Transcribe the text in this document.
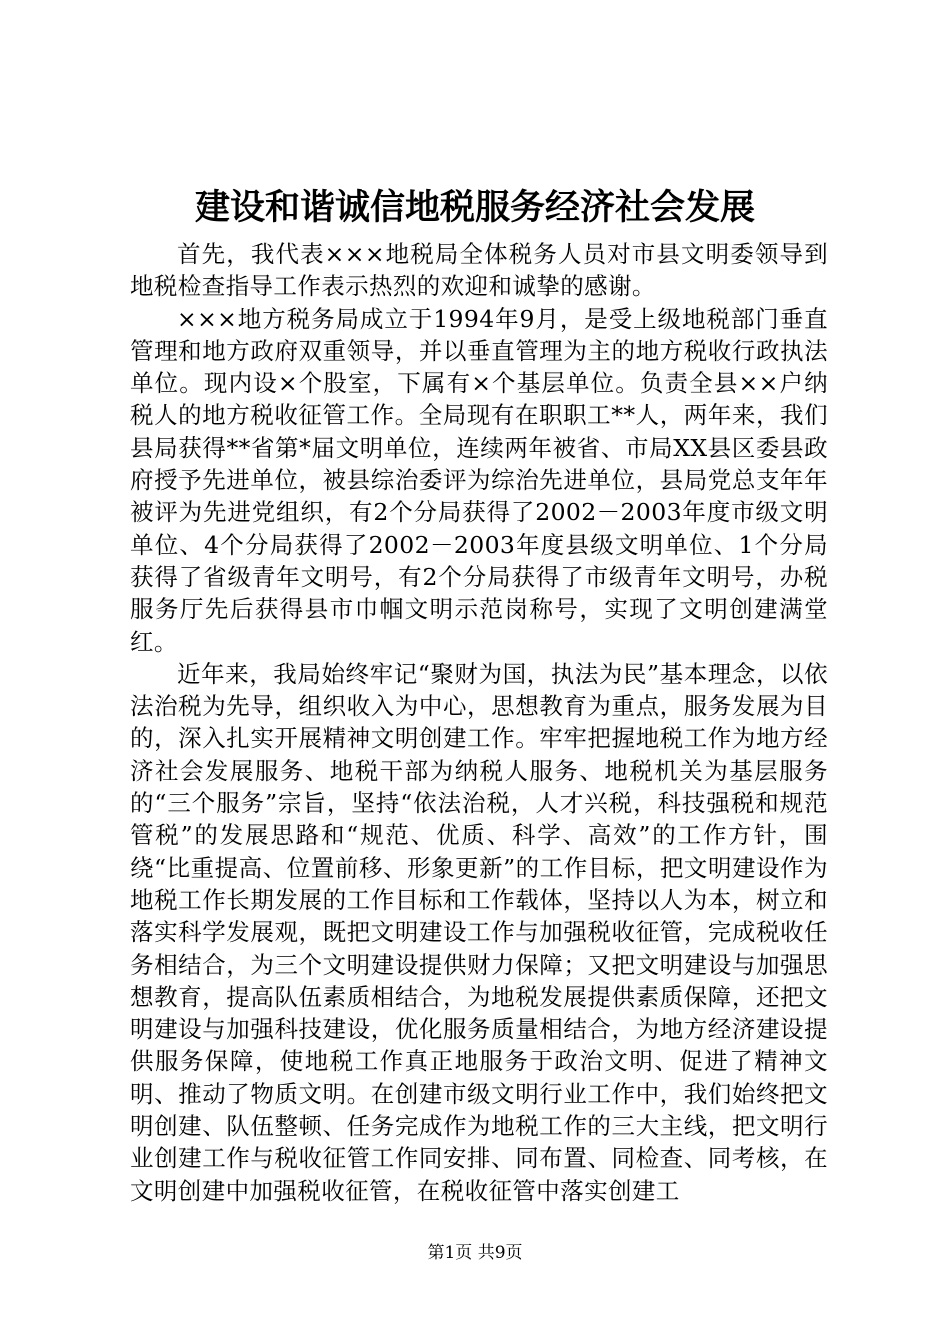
建设和谐诚信地税服务经济社会发展

首先，我代表×××地税局全体税务人员对市县文明委领导到地税检查指导工作表示热烈的欢迎和诚挚的感谢。

×××地方税务局成立于1994年9月，是受上级地税部门垂直管理和地方政府双重领导，并以垂直管理为主的地方税收行政执法单位。现内设×个股室，下属有×个基层单位。负责全县××户纳税人的地方税收征管工作。全局现有在职职工**人，两年来，我们县局获得**省第*届文明单位，连续两年被省、市局XX县区委县政府授予先进单位，被县综治委评为综治先进单位，县局党总支年年被评为先进党组织，有2个分局获得了2002－2003年度市级文明单位、4个分局获得了2002－2003年度县级文明单位、1个分局获得了省级青年文明号，有2个分局获得了市级青年文明号，办税服务厅先后获得县市巾帼文明示范岗称号，实现了文明创建满堂红。

近年来，我局始终牢记“聚财为国，执法为民”基本理念，以依法治税为先导，组织收入为中心，思想教育为重点，服务发展为目的，深入扎实开展精神文明创建工作。牢牢把握地税工作为地方经济社会发展服务、地税干部为纳税人服务、地税机关为基层服务的“三个服务”宗旨，坚持“依法治税，人才兴税，科技强税和规范管税”的发展思路和“规范、优质、科学、高效”的工作方针，围绕“比重提高、位置前移、形象更新”的工作目标，把文明建设作为地税工作长期发展的工作目标和工作载体，坚持以人为本，树立和落实科学发展观，既把文明建设工作与加强税收征管，完成税收任务相结合，为三个文明建设提供财力保障；又把文明建设与加强思想教育，提高队伍素质相结合，为地税发展提供素质保障，还把文明建设与加强科技建设，优化服务质量相结合，为地方经济建设提供服务保障，使地税工作真正地服务于政治文明、促进了精神文明、推动了物质文明。在创建市级文明行业工作中，我们始终把文明创建、队伍整顿、任务完成作为地税工作的三大主线，把文明行业创建工作与税收征管工作同安排、同布置、同检查、同考核，在文明创建中加强税收征管，在税收征管中落实创建工

第1页 共9页
